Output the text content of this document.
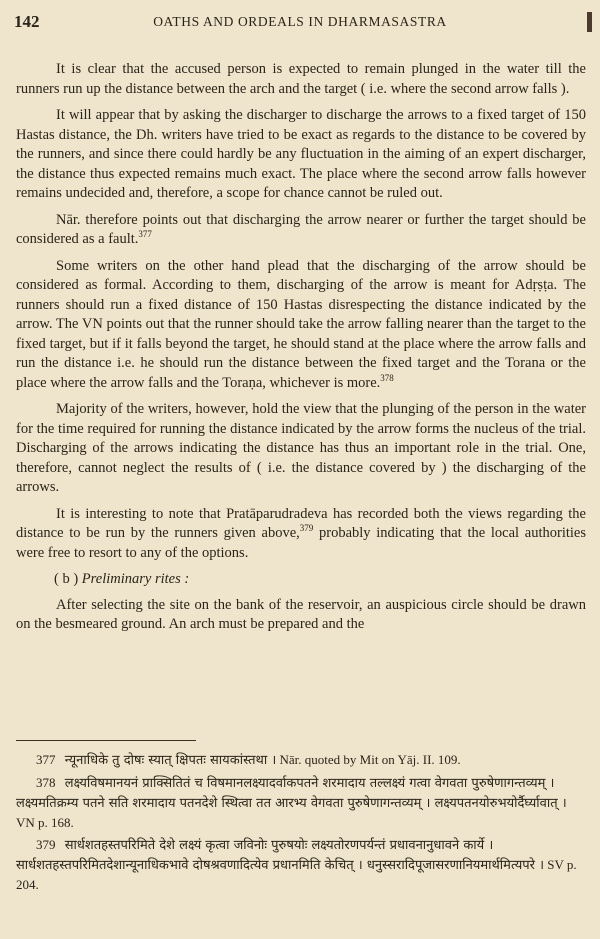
142	OATHS AND ORDEALS IN DHARMASASTRA

It is clear that the accused person is expected to remain plunged in the water till the runners run up the distance between the arch and the target ( i.e. where the second arrow falls ).

It will appear that by asking the discharger to discharge the arrows to a fixed target of 150 Hastas distance, the Dh. writers have tried to be exact as regards to the distance to be covered by the runners, and since there could hardly be any fluctuation in the aiming of an expert discharger, the distance thus expected remains much exact. The place where the second arrow falls however remains undecided and, therefore, a scope for chance cannot be ruled out.

Nār. therefore points out that discharging the arrow nearer or further the target should be considered as a fault.$^{377}$

Some writers on the other hand plead that the discharging of the arrow should be considered as formal. According to them, discharging of the arrow is meant for Adṛṣṭa. The runners should run a fixed distance of 150 Hastas disrespecting the distance indicated by the arrow. The VN points out that the runner should take the arrow falling nearer than the target to the fixed target, but if it falls beyond the target, he should stand at the place where the arrow falls and run the distance i.e. he should run the distance between the fixed target and the Torana or the place where the arrow falls and the Toraṇa, whichever is more.$^{378}$

Majority of the writers, however, hold the view that the plunging of the person in the water for the time required for running the distance indicated by the arrow forms the nucleus of the trial. Discharging of the arrows indicating the distance has thus an important role in the trial. One, therefore, cannot neglect the results of ( i.e. the distance covered by ) the discharging of the arrows.

It is interesting to note that Pratāparudradeva has recorded both the views regarding the distance to be run by the runners given above,$^{379}$ probably indicating that the local authorities were free to resort to any of the options.

( b ) Preliminary rites :

After selecting the site on the bank of the reservoir, an auspicious circle should be drawn on the besmeared ground. An arch must be prepared and the

377 न्यूनाधिके तु दोषः स्यात् क्षिपतः सायकांस्तथा । Nār. quoted by Mit on Yāj. II. 109.

378 लक्ष्यविषमानयनं प्राक्सितितं च विषमानलक्ष्यादर्वाकपतने शरमादाय तल्लक्ष्यं गत्वा वेगवता पुरुषेणागन्तव्यम् । लक्ष्यमतिक्रम्य पतने सति शरमादाय पतनदेशे स्थित्वा तत आरभ्य वेगवता पुरुषेणागन्तव्यम् । लक्ष्यपतनयोरुभयोर्दैर्घ्यावात् । VN p. 168.

379 सार्धशतहस्तपरिमिते देशे लक्ष्यं कृत्वा जविनोः पुरुषयोः लक्ष्यतोरणपर्यन्तं प्रधावनानुधावने कार्ये । सार्धशतहस्तपरिमितदेशान्यूनाधिकभावे दोषश्रवणादित्येव प्रधानमिति केचित् । धनुस्सरादिपूजासरणानियमार्थमित्यपरे । SV p. 204.
